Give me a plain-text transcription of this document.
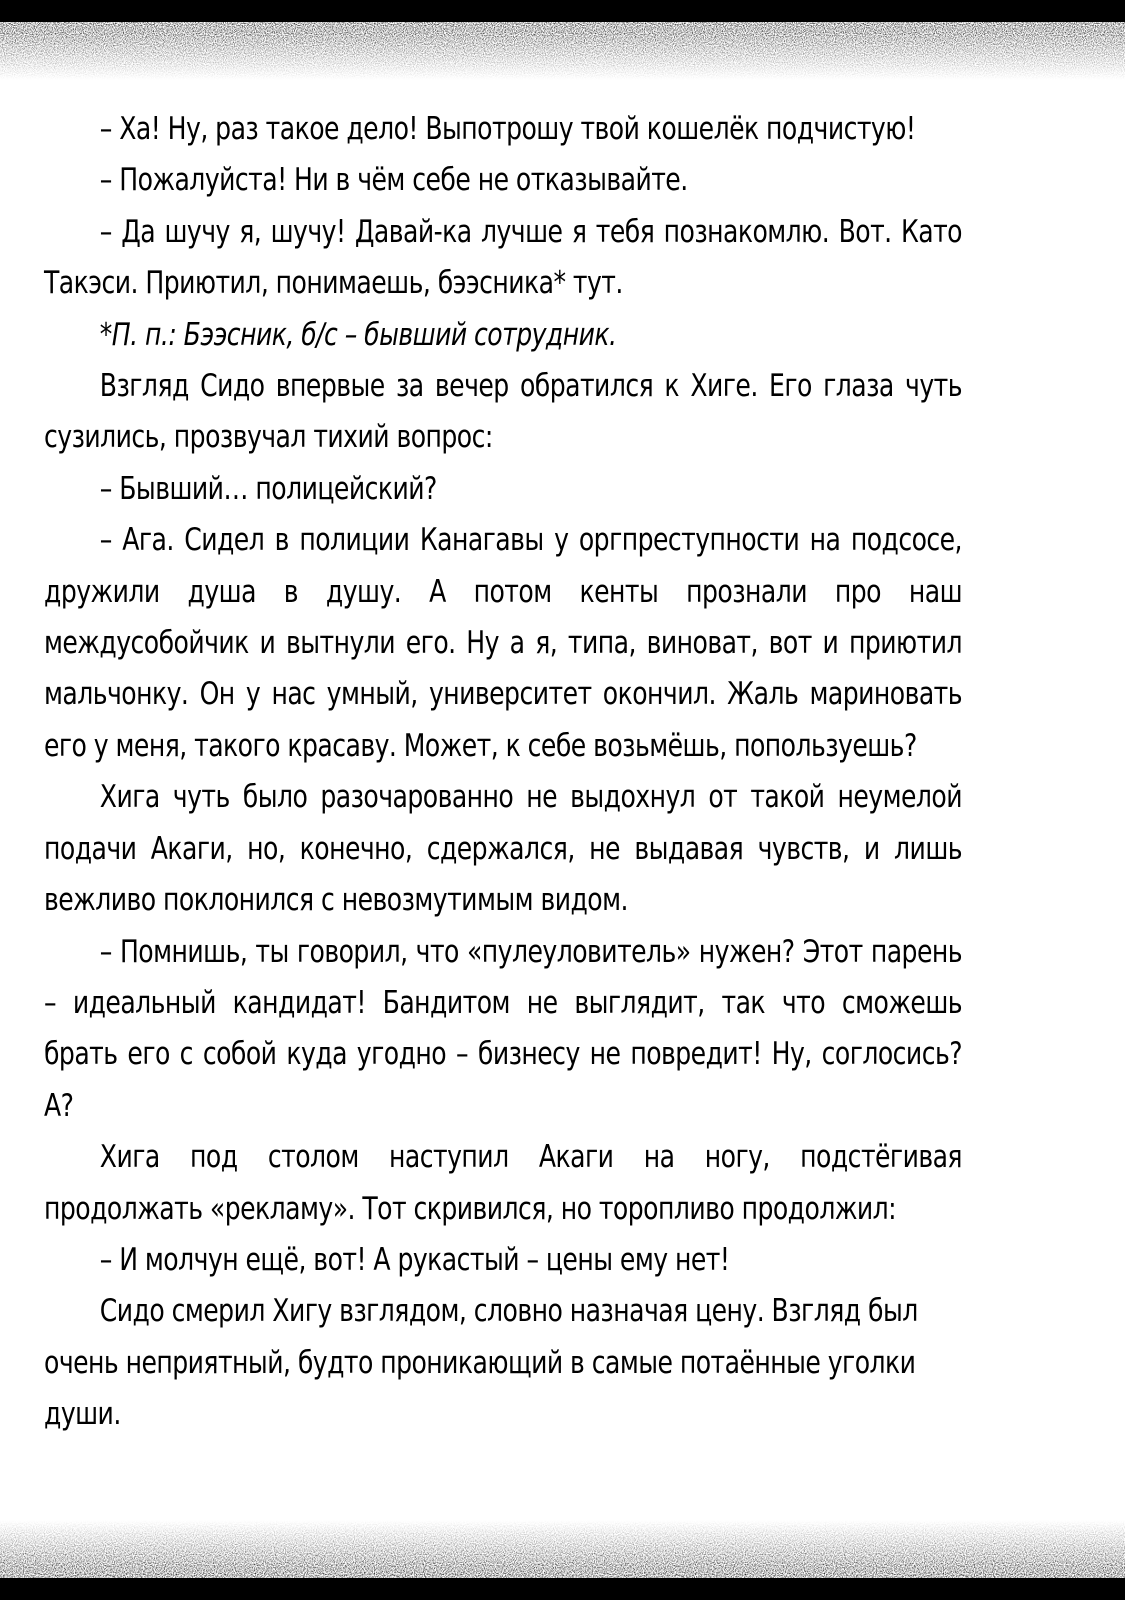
– Ха! Ну, раз такое дело! Выпотрошу твой кошелёк подчистую!

– Пожалуйста! Ни в чём себе не отказывайте.

– Да шучу я, шучу! Давай-ка лучше я тебя познакомлю. Вот. Като Такэси. Приютил, понимаешь, бээсника* тут.

*П. п.: Бээсник, б/с – бывший сотрудник.

Взгляд Сидо впервые за вечер обратился к Хиге. Его глаза чуть сузились, прозвучал тихий вопрос:

– Бывший… полицейский?

– Ага. Сидел в полиции Канагавы у оргпреступности на подсосе, дружили душа в душу. А потом кенты прознали про наш междусобойчик и вытнули его. Ну а я, типа, виноват, вот и приютил мальчонку. Он у нас умный, университет окончил. Жаль мариновать его у меня, такого красаву. Может, к себе возьмёшь, попользуешь?

Хига чуть было разочарованно не выдохнул от такой неумелой подачи Акаги, но, конечно, сдержался, не выдавая чувств, и лишь вежливо поклонился с невозмутимым видом.

– Помнишь, ты говорил, что «пулеуловитель» нужен? Этот парень – идеальный кандидат! Бандитом не выглядит, так что сможешь брать его с собой куда угодно – бизнесу не повредит! Ну, соглосись? А?

Хига под столом наступил Акаги на ногу, подстёгивая продолжать «рекламу». Тот скривился, но торопливо продолжил:

– И молчун ещё, вот! А рукастый – цены ему нет!

Сидо смерил Хигу взглядом, словно назначая цену. Взгляд был очень неприятный, будто проникающий в самые потаённые уголки души.
